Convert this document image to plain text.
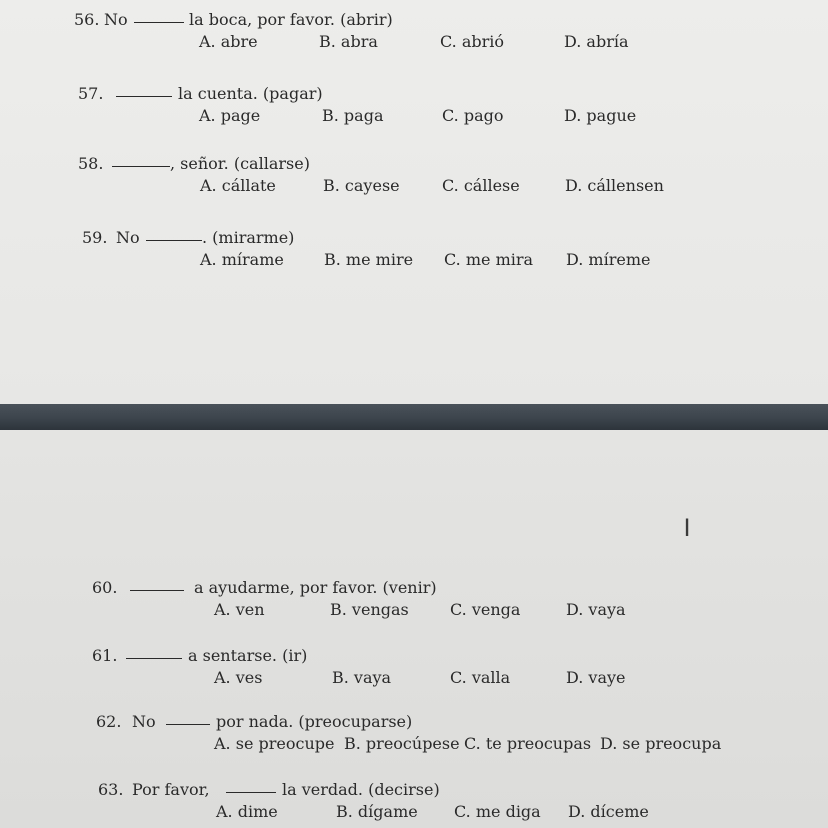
56. No	la boca, por favor. (abrir)
A. abre	B. abra	C. abrió	D. abría
57.	la cuenta. (pagar)
A. page	B. paga	C. pago	D. pague
58.	, señor. (callarse)
A. cállate	B. cayese	C. cállese	D. cállensen
59. No	. (mirarme)
A. mírame	B. me mire C. me mira D. míreme
I
60.	a ayudarme, por favor. (venir)
A. ven	B. vengas	C. venga	D. vaya
61.	a sentarse. (ir)
A. ves	B. vaya	C. valla	D. vaye
62. No	por nada. (preocuparse)
A. se preocupe B. preocúpese C. te preocupas D. se preocupa
63. Por favor,	la verdad. (decirse)
A. dime	B. dígame C. me diga D. díceme
